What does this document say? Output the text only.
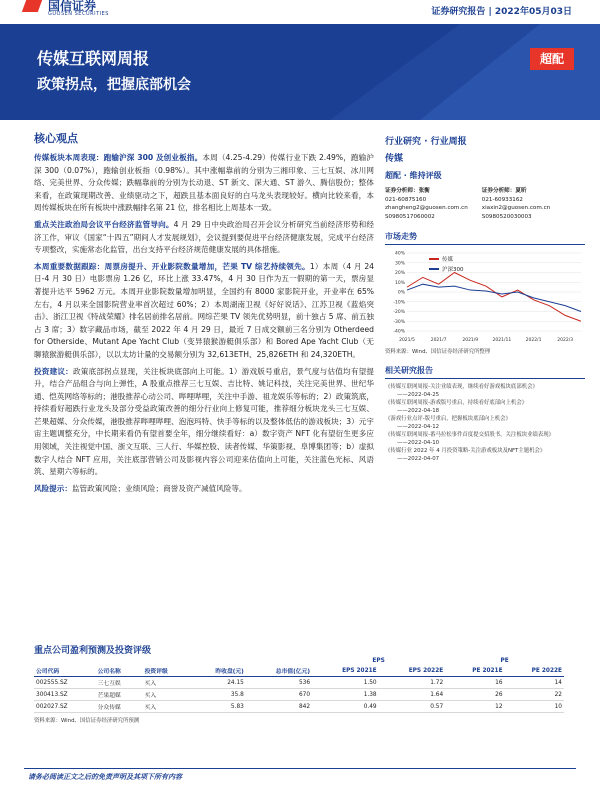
国信证券
GUOSEN SECURITIES	证券研究报告 | 2022年05月03日
传媒互联网周报
政策拐点，把握底部机会
超配
核心观点

传媒板块本周表现：跑输沪深 300 及创业板指。本周（4.25-4.29）传媒行业下跌 2.49%，跑输沪深 300（0.07%），跑输创业板指（0.98%）。其中涨幅靠前的分别为三湘印象、三七互娱、冰川网络、完美世界、分众传媒；跌幅靠前的分别为长动退、ST 新文、深大通、ST 游久、腾信股份；整体来看，在政策现期改善、业绩驱动之下，超跌且基本面良好的白马龙头表现较好。横向比较来看，本周传媒板块在所有板块中涨跌幅排名第 21 位，排名相比上周基本一致。

重点关注政治局会议平台经济监管导向。4 月 29 日中央政治局召开会议分析研究当前经济形势和经济工作，审议《国家“十四五”期间人才发展规划》，会议提到要促进平台经济健康发展，完成平台经济专项整改，实施常态化监管，出台支持平台经济规范健康发展的具体措施。

本周重要数据跟踪：周票房提升、开业影院数量增加，芒果 TV 综艺持续领先。1）本周（4 月 24 日-4 月 30 日）电影票房 1.26 亿，环比上涨 33.47%，4 月 30 日作为五一假期的第一天，票房显著提升达平 5962 万元。本周开业影院数量增加明显，全国约有 8000 家影院开业，开业率在 65%左右，4 月以来全国影院营业率首次超过 60%；2）本周湖南卫视《好好说话》、江苏卫视《蓝焰突击》、浙江卫视《特战荣耀》排名居前排名居前。网综芒果 TV 领先优势明显，前十独占 5 席、前五独占 3 席；3）数字藏品市场，截至 2022 年 4 月 29 日，最近 7 日成交额前三名分别为 Otherdeed for Otherside、Mutant Ape Yacht Club（变异猿猴游艇俱乐部）和 Bored Ape Yacht Club（无聊猿猴游艇俱乐部），以以太坊计量的交易额分别为 32,613ETH、25,826ETH 和 24,320ETH。

投资建议：政策底部拐点显现，关注板块底部向上可能。1）游戏版号重启，景气度与估值均有望提升，结合产品组合与向上弹性，A 股重点推荐三七互娱、吉比特、姚记科技，关注完美世界、世纪华通、恺英网络等标的；港股推荐心动公司、哔哩哔哩，关注中手游、祖龙娱乐等标的；2）政策筑底，持续看好超跌行业龙头及部分受益政策改善的细分行业向上修复可能，推荐细分板块龙头三七互娱、芒果超媒、分众传媒，港股推荐哔哩哔哩、泡泡玛特、快手等标的以及整体低估的游戏板块；3）元宇宙主题调整充分，中长期来看仍有望首要全年，细分继续看好：a）数字资产 NFT 化有望衍生更多应用领域，关注视觉中国、浙文互联、三人行、华媒控股、读者传媒、华策影视、阜博集团等；b）虚拟数字人结合 NFT 应用，关注底部营销公司及影视内容公司迎来估值向上可能，关注蓝色光标、风语筑、星期六等标的。

风险提示：监管政策风险；业绩风险；商誉及资产减值风险等。

行业研究 · 行业周报
传媒
超配 · 维持评级
证券分析师：张衡
021-60875160
zhangheng2@guosen.com.cn
S0980517060002
证券分析师：夏昕
021-60933162
xiaxin2@guosen.com.cn
S0980520030003
市场走势
40%
30%
20%
10%
0%
-10%
-20%
-30%
-40%
2021/5	2021/7	2021/9	2021/11	2022/1	2022/3
传媒
沪深300
资料来源：Wind、国信证券经济研究所整理
相关研究报告
《传媒互联网周报-关注业绩表现，继续看好游戏板块底部机会》
——2022-04-25
《传媒互联网周报-游戏版号重启，持续看好底部向上机会》
——2022-04-18
《游戏行业点评-版号重启，把握板块底部向上机会》
——2022-04-12
《传媒互联网周报-番马拉松事件首度提交招股书，关注板块业绩表现》
——2022-04-10
《传媒行业 2022 年 4 月投资策略-关注游戏板块及NFT主题机会》
——2022-04-07
重点公司盈利预测及投资评级
					EPS		PE	
公司代码	公司名称	投资评级	昨收盘(元)	总市值(亿元)	EPS 2021E	EPS 2022E	PE 2021E	PE 2022E
002555.SZ	三七互娱	买入	24.15	536	1.50	1.72	16	14
300413.SZ	芒果超媒	买入	35.8	670	1.38	1.64	26	22
002027.SZ	分众传媒	买入	5.83	842	0.49	0.57	12	10
资料来源：Wind、国信证券经济研究所预测
请务必阅读正文之后的免责声明及其项下所有内容
